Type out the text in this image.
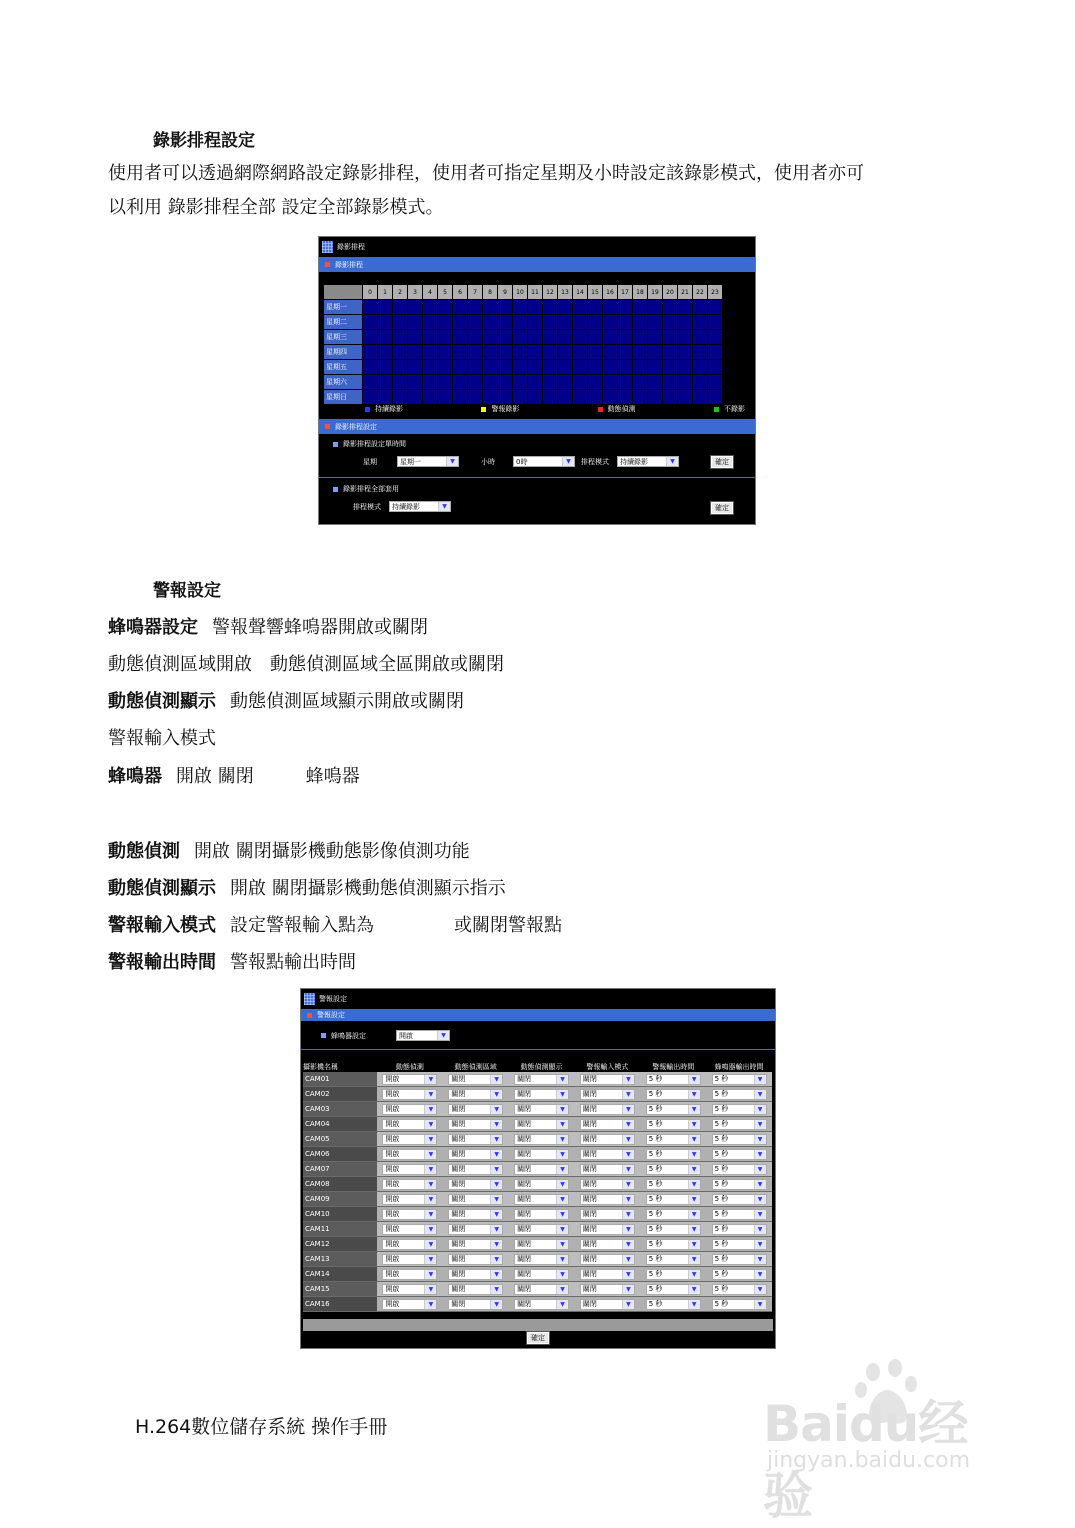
錄影排程設定
使用者可以透過網際網路設定錄影排程，使用者可指定星期及小時設定該錄影模式，使用者亦可
以利用 錄影排程全部 設定全部錄影模式。
錄影排程
錄影排程
	0	1	2	3	4	5	6	7	8	9	10	11	12	13	14	15	16	17	18	19	20	21	22	23
星期一																								
星期二																								
星期三																								
星期四																								
星期五																								
星期六																								
星期日																								
持續錄影	警報錄影	動態偵測	不錄影
錄影排程設定
錄影排程設定單時間
星期	星期一	▼	小時	0時	▼	排程模式 持續錄影	▼	確定
錄影排程全部套用
排程模式 持續錄影	▼	確定
警報設定
蜂鳴器設定 警報聲響蜂鳴器開啟或關閉
動態偵測區域開啟　動態偵測區域全區開啟或關閉
動態偵測顯示 動態偵測區域顯示開啟或關閉
警報輸入模式
蜂鳴器 開啟 關閉	蜂鳴器
動態偵測 開啟 關閉攝影機動態影像偵測功能
動態偵測顯示 開啟 關閉攝影機動態偵測顯示指示
警報輸入模式 設定警報輸入點為	或關閉警報點
警報輸出時間 警報點輸出時間
警報設定
警報設定
蜂鳴器設定	開啟	▼
攝影機名稱	動態偵測	動態偵測區域	動態偵測顯示	警報輸入模式	警報輸出時間	蜂鳴器輸出時間
CAM01	開啟 ▼	關閉 ▼	關閉 ▼	關閉 ▼	5 秒 ▼	5 秒 ▼

CAM02	開啟 ▼	關閉 ▼	關閉 ▼	關閉 ▼	5 秒 ▼	5 秒 ▼

CAM03	開啟 ▼	關閉 ▼	關閉 ▼	關閉 ▼	5 秒 ▼	5 秒 ▼

CAM04	開啟 ▼	關閉 ▼	關閉 ▼	關閉 ▼	5 秒 ▼	5 秒 ▼

CAM05	開啟 ▼	關閉 ▼	關閉 ▼	關閉 ▼	5 秒 ▼	5 秒 ▼

CAM06	開啟 ▼	關閉 ▼	關閉 ▼	關閉 ▼	5 秒 ▼	5 秒 ▼

CAM07	開啟 ▼	關閉 ▼	關閉 ▼	關閉 ▼	5 秒 ▼	5 秒 ▼

CAM08	開啟 ▼	關閉 ▼	關閉 ▼	關閉 ▼	5 秒 ▼	5 秒 ▼

CAM09	開啟 ▼	關閉 ▼	關閉 ▼	關閉 ▼	5 秒 ▼	5 秒 ▼

CAM10	開啟 ▼	關閉 ▼	關閉 ▼	關閉 ▼	5 秒 ▼	5 秒 ▼

CAM11	開啟 ▼	關閉 ▼	關閉 ▼	關閉 ▼	5 秒 ▼	5 秒 ▼

CAM12	開啟 ▼	關閉 ▼	關閉 ▼	關閉 ▼	5 秒 ▼	5 秒 ▼

CAM13	開啟 ▼	關閉 ▼	關閉 ▼	關閉 ▼	5 秒 ▼	5 秒 ▼

CAM14	開啟 ▼	關閉 ▼	關閉 ▼	關閉 ▼	5 秒 ▼	5 秒 ▼

CAM15	開啟 ▼	關閉 ▼	關閉 ▼	關閉 ▼	5 秒 ▼	5 秒 ▼

CAM16	開啟 ▼	關閉 ▼	關閉 ▼	關閉 ▼	5 秒 ▼	5 秒 ▼
確定
H.264數位儲存系統 操作手冊	Baidu经验
jingyan.baidu.com
